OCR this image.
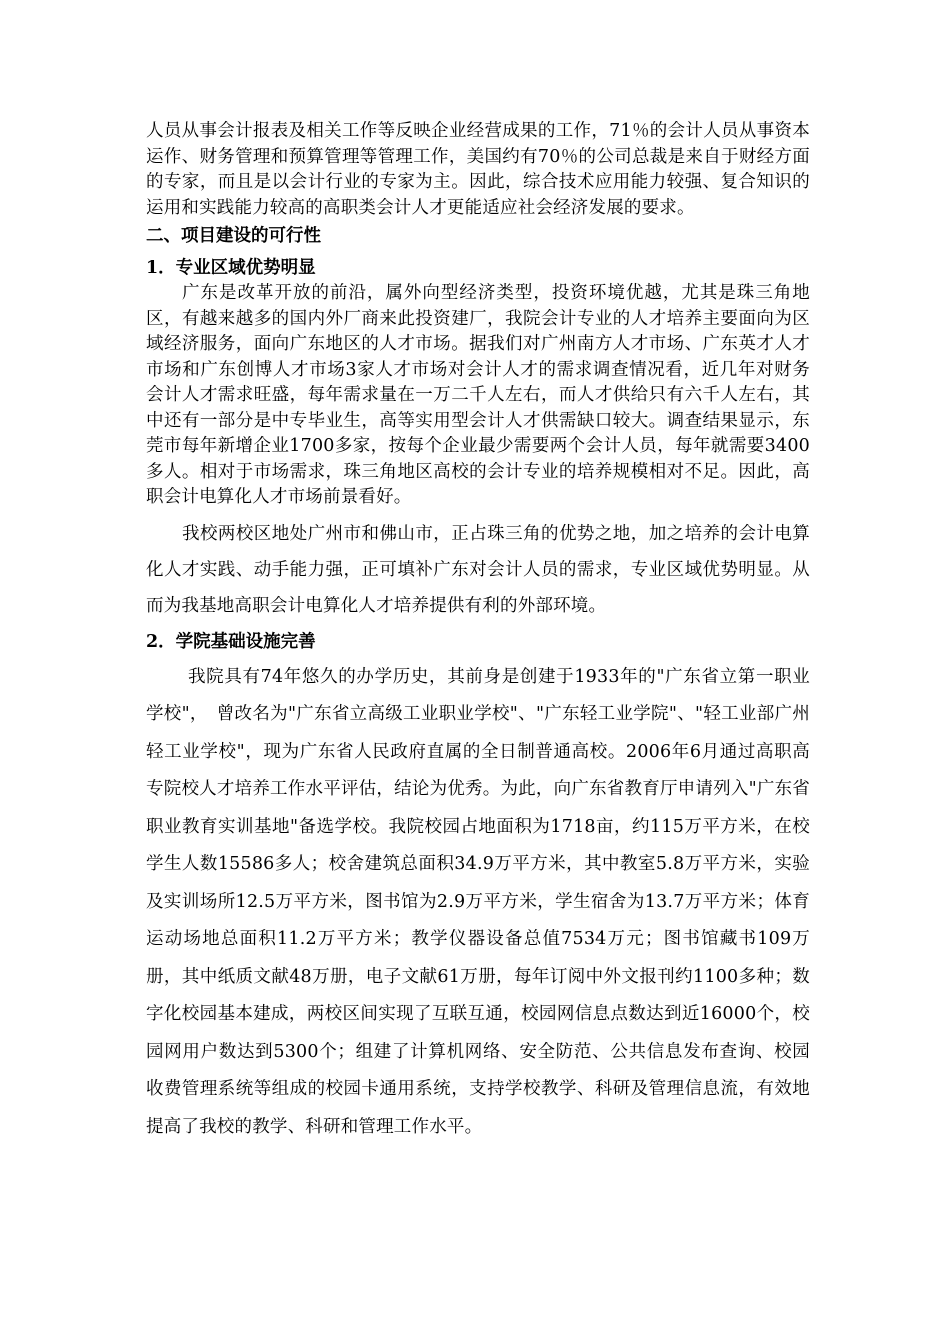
人员从事会计报表及相关工作等反映企业经营成果的工作，71％的会计人员从事资本运作、财务管理和预算管理等管理工作，美国约有70％的公司总裁是来自于财经方面的专家，而且是以会计行业的专家为主。因此，综合技术应用能力较强、复合知识的运用和实践能力较高的高职类会计人才更能适应社会经济发展的要求。

二、项目建设的可行性
1．专业区域优势明显

广东是改革开放的前沿，属外向型经济类型，投资环境优越，尤其是珠三角地区，有越来越多的国内外厂商来此投资建厂，我院会计专业的人才培养主要面向为区域经济服务，面向广东地区的人才市场。据我们对广州南方人才市场、广东英才人才市场和广东创博人才市场3家人才市场对会计人才的需求调查情况看，近几年对财务会计人才需求旺盛，每年需求量在一万二千人左右，而人才供给只有六千人左右，其中还有一部分是中专毕业生，高等实用型会计人才供需缺口较大。调查结果显示，东莞市每年新增企业1700多家，按每个企业最少需要两个会计人员，每年就需要3400多人。相对于市场需求，珠三角地区高校的会计专业的培养规模相对不足。因此，高职会计电算化人才市场前景看好。

我校两校区地处广州市和佛山市，正占珠三角的优势之地，加之培养的会计电算化人才实践、动手能力强，正可填补广东对会计人员的需求，专业区域优势明显。从而为我基地高职会计电算化人才培养提供有利的外部环境。

2．学院基础设施完善

我院具有74年悠久的办学历史，其前身是创建于1933年的"广东省立第一职业学校"，　曾改名为"广东省立高级工业职业学校"、"广东轻工业学院"、"轻工业部广州轻工业学校"，现为广东省人民政府直属的全日制普通高校。2006年6月通过高职高专院校人才培养工作水平评估，结论为优秀。为此，向广东省教育厅申请列入"广东省职业教育实训基地"备选学校。我院校园占地面积为1718亩，约115万平方米，在校学生人数15586多人；校舍建筑总面积34.9万平方米，其中教室5.8万平方米，实验及实训场所12.5万平方米，图书馆为2.9万平方米，学生宿舍为13.7万平方米；体育运动场地总面积11.2万平方米；教学仪器设备总值7534万元；图书馆藏书109万册，其中纸质文献48万册，电子文献61万册，每年订阅中外文报刊约1100多种；数字化校园基本建成，两校区间实现了互联互通，校园网信息点数达到近16000个，校园网用户数达到5300个；组建了计算机网络、安全防范、公共信息发布查询、校园收费管理系统等组成的校园卡通用系统，支持学校教学、科研及管理信息流，有效地提高了我校的教学、科研和管理工作水平。
